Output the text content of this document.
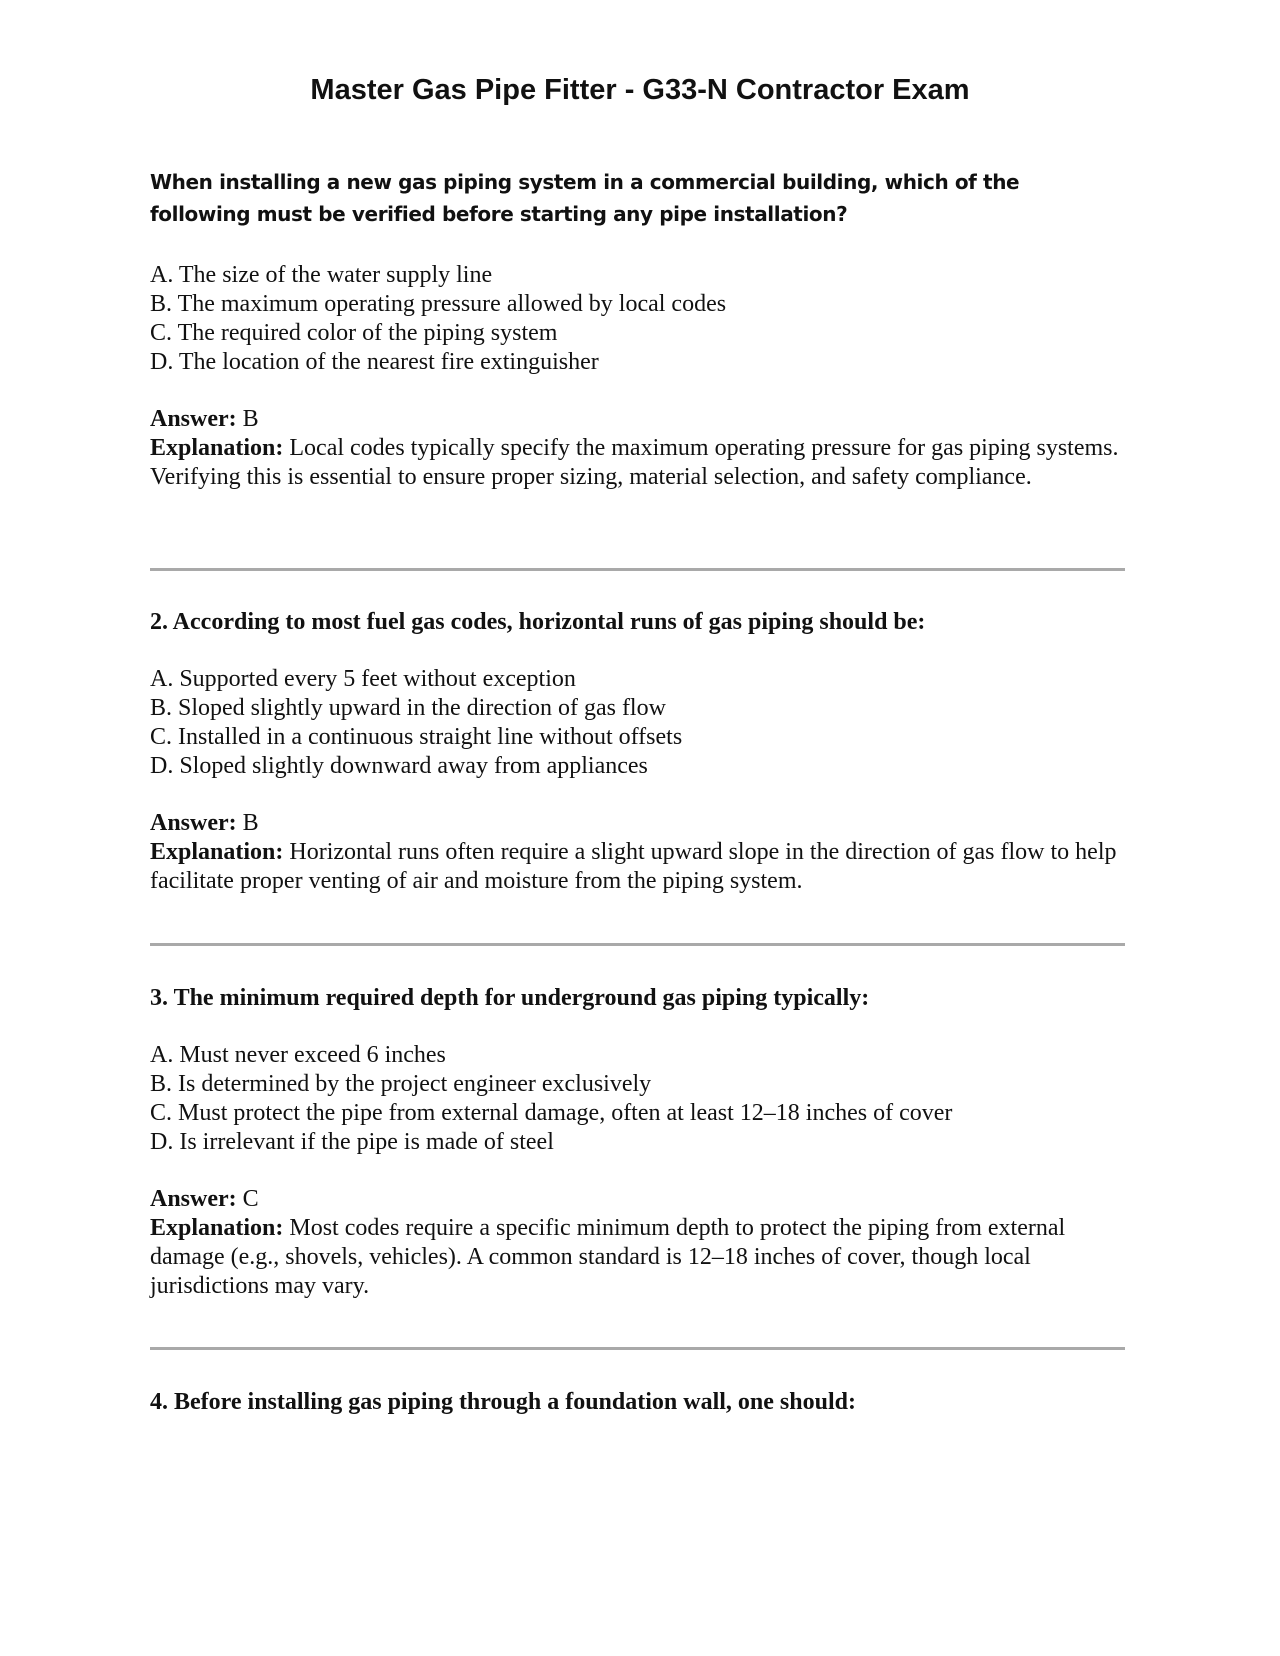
Master Gas Pipe Fitter - G33-N Contractor Exam
When installing a new gas piping system in a commercial building, which of the following must be verified before starting any pipe installation?
A. The size of the water supply line
B. The maximum operating pressure allowed by local codes
C. The required color of the piping system
D. The location of the nearest fire extinguisher

Answer: B

Explanation: Local codes typically specify the maximum operating pressure for gas piping systems. Verifying this is essential to ensure proper sizing, material selection, and safety compliance.

2. According to most fuel gas codes, horizontal runs of gas piping should be:
A. Supported every 5 feet without exception
B. Sloped slightly upward in the direction of gas flow
C. Installed in a continuous straight line without offsets
D. Sloped slightly downward away from appliances

Answer: B

Explanation: Horizontal runs often require a slight upward slope in the direction of gas flow to help facilitate proper venting of air and moisture from the piping system.

3. The minimum required depth for underground gas piping typically:
A. Must never exceed 6 inches
B. Is determined by the project engineer exclusively
C. Must protect the pipe from external damage, often at least 12–18 inches of cover
D. Is irrelevant if the pipe is made of steel

Answer: C

Explanation: Most codes require a specific minimum depth to protect the piping from external damage (e.g., shovels, vehicles). A common standard is 12–18 inches of cover, though local jurisdictions may vary.

4. Before installing gas piping through a foundation wall, one should:
